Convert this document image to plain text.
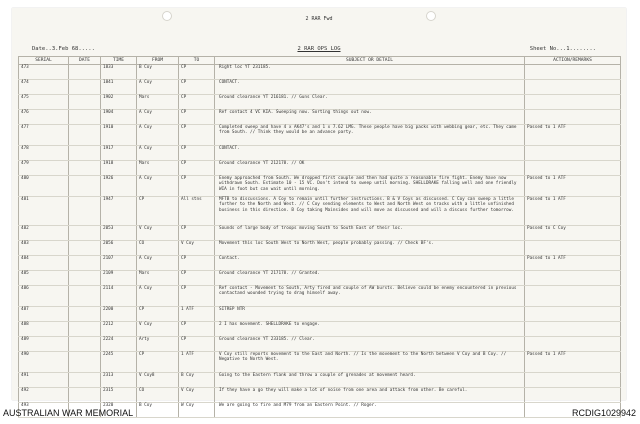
2 RAR Fwd
Date..3.Feb 68.....	2 RAR OPS LOG	Sheet No...1........
SERIAL	DATE	TIME	FROM	TO	SUBJECT OR DETAIL	ACTION/REMARKS
473		1833	B Coy	CP	Right loc YT 231185.	
474		1841	A Coy	CP	CONTACT.	
475		1902	Mars	CP	Ground clearance YT 216181. // Guns Clear.	
476		1904	A Coy	CP	Ref contact 4 VC KIA. Sweeping now. Sorting things out now.	
477		1910	A Coy	CP	Completed sweep and have 4 x AK47's and 1 x 7.62 LMG. These people have big packs with webbing gear, etc. They came from South. // Think they would be an advance party.	Passed to 1 ATF
478		1917	A Coy	CP	CONTACT.	
479		1918	Mars	CP	Ground clearance YT 212178. // OK	
480		1926	A Coy	CP	Enemy approached from South. We dropped first couple and then had quite a reasonable fire fight. Enemy have now withdrawn South. Estimate 10 - 15 VC. Don't intend to sweep until morning. SHELLDRAKE falling well and one friendly WIA in foot but can wait until morning.	Passed to 1 ATF
481		1947	CP	All stns	MFTB to discussions. A Coy to remain until further instructions. B & V Coys as discussed. C Coy can sweep a little further to the North and West. // C Coy sending elements to West and North West on tracks with a little unfinished business in this direction. B Coy taking Mainsides and will move as discussed and will a discuss further tomorrow.	Passed to 1 ATF
482		2053	V Coy	CP	Sounds of large body of troops moving South to South East of their loc.	Passed to C Coy
483		2056	CO	V Coy	Movement this loc South West to North West, people probably passing. // Check BF's.	
484		2107	A Coy	CP	Contact.	Passed to 1 ATF
485		2109	Mars	CP	Ground clearance YT 217178. // Granted.	
486		2114	A Coy	CP	Ref contact - Movement to South, Arty fired and couple of AW bursts. Believe could be enemy encountered in previous contactand wounded trying to drag himself away.	
487		2200	CP	1 ATF	SITREP NTR	
488		2212	V Coy	CP	2 I has movement. SHELLDRAKE to engage.	
489		2224	Arty	CP	Ground clearance YT 233185. // Clear.	
490		2245	CP	1 ATF	V Coy still reports movement to the East and North. // Is the movement to the North between V Coy and B Coy. // Negative to North West.	Passed to 1 ATF
491		2313	V Coy8	B Coy	Going to the Eastern flank and throw a couple of grenades at movement heard.	
492		2315	CO	V Coy	If they have a go they will make a lot of noise from one area and attack from other. Be careful.	
493		2320	B Coy	W Coy	We are going to fire and M79 from an Eastern Point. // Roger.	
AUSTRALIAN WAR MEMORIAL	RCDIG1029942
